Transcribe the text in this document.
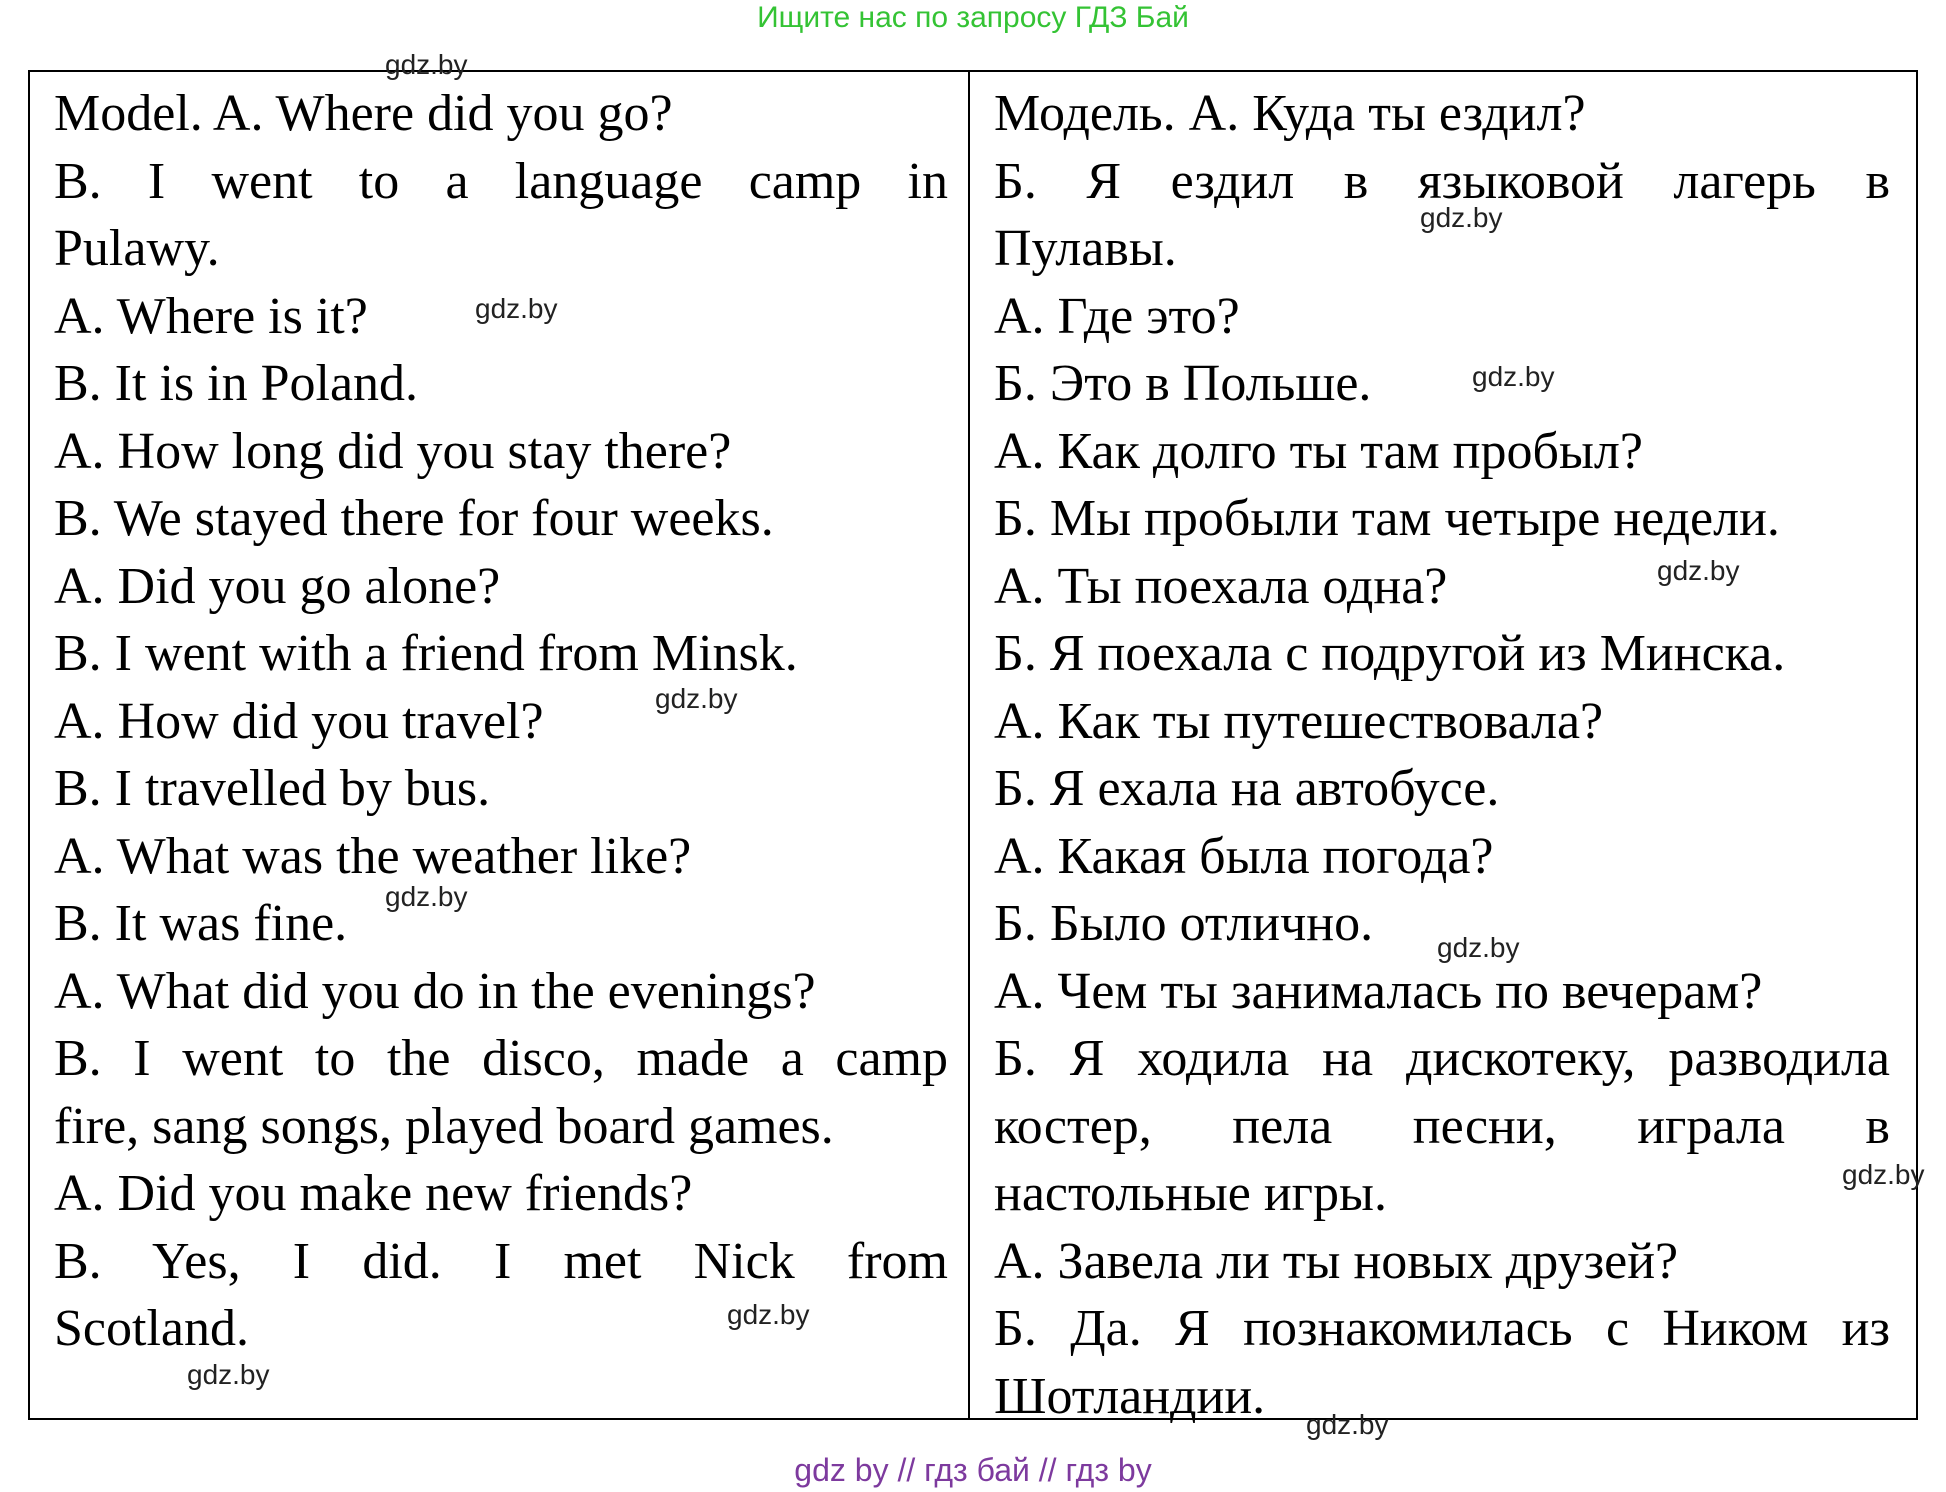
Ищите нас по запросу ГДЗ Бай
Model. A. Where did you go?
B. I went to a language camp in
Pulawy.
A. Where is it?
B. It is in Poland.
A. How long did you stay there?
B. We stayed there for four weeks.
A. Did you go alone?
B. I went with a friend from Minsk.
A. How did you travel?
B. I travelled by bus.
A. What was the weather like?
B. It was fine.
A. What did you do in the evenings?
B. I went to the disco, made a camp
fire, sang songs, played board games.
A. Did you make new friends?
B. Yes, I did. I met Nick from
Scotland.
Модель. А. Куда ты ездил?
Б. Я ездил в языковой лагерь в
Пулавы.
А. Где это?
Б. Это в Польше.
А. Как долго ты там пробыл?
Б. Мы пробыли там четыре недели.
А. Ты поехала одна?
Б. Я поехала с подругой из Минска.
А. Как ты путешествовала?
Б. Я ехала на автобусе.
А. Какая была погода?
Б. Было отлично.
А. Чем ты занималась по вечерам?
Б. Я ходила на дискотеку, разводила
костер, пела песни, играла в
настольные игры.
А. Завела ли ты новых друзей?
Б. Да. Я познакомилась с Ником из
Шотландии.
gdz.by
gdz.by
gdz.by
gdz.by
gdz.by
gdz.by
gdz.by
gdz.by
gdz.by
gdz.by
gdz.by
gdz.by
gdz by // гдз бай // гдз by
